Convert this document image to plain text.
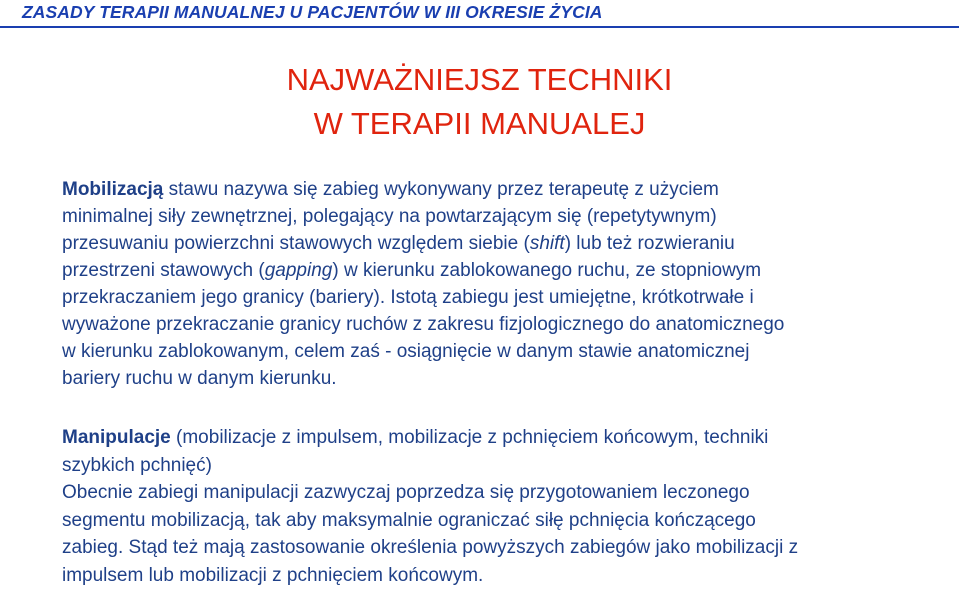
ZASADY TERAPII MANUALNEJ U PACJENTÓW W III OKRESIE ŻYCIA
NAJWAŻNIEJSZ TECHNIKI
W TERAPII MANUALEJ
Mobilizacją stawu nazywa się zabieg wykonywany przez terapeutę z użyciem
minimalnej siły zewnętrznej, polegający na powtarzającym się (repetytywnym)
przesuwaniu powierzchni stawowych względem siebie (shift) lub też rozwieraniu
przestrzeni stawowych (gapping) w kierunku zablokowanego ruchu, ze stopniowym
przekraczaniem jego granicy (bariery). Istotą zabiegu jest umiejętne, krótkotrwałe i
wyważone przekraczanie granicy ruchów z zakresu fizjologicznego do anatomicznego
w kierunku zablokowanym, celem zaś - osiągnięcie w danym stawie anatomicznej
bariery ruchu w danym kierunku.
Manipulacje (mobilizacje z impulsem, mobilizacje z pchnięciem końcowym, techniki
szybkich pchnięć)
Obecnie zabiegi manipulacji zazwyczaj poprzedza się przygotowaniem leczonego
segmentu mobilizacją, tak aby maksymalnie ograniczać siłę pchnięcia kończącego
zabieg. Stąd też mają zastosowanie określenia powyższych zabiegów jako mobilizacji z
impulsem lub mobilizacji z pchnięciem końcowym.
